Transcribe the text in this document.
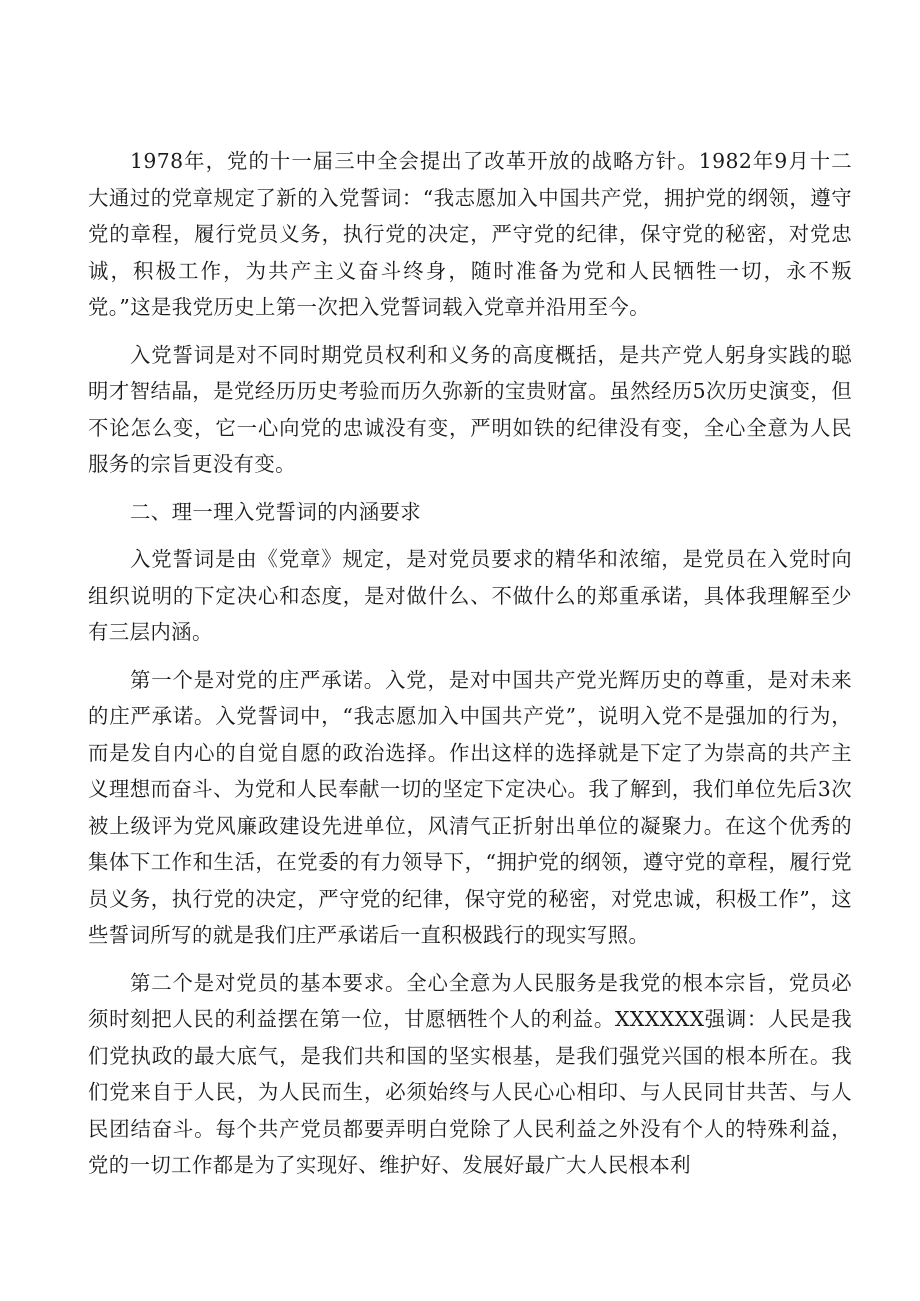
1978年，党的十一届三中全会提出了改革开放的战略方针。1982年9月十二大通过的党章规定了新的入党誓词：“我志愿加入中国共产党，拥护党的纲领，遵守党的章程，履行党员义务，执行党的决定，严守党的纪律，保守党的秘密，对党忠诚，积极工作，为共产主义奋斗终身，随时准备为党和人民牺牲一切，永不叛党。”这是我党历史上第一次把入党誓词载入党章并沿用至今。

入党誓词是对不同时期党员权利和义务的高度概括，是共产党人躬身实践的聪明才智结晶，是党经历历史考验而历久弥新的宝贵财富。虽然经历5次历史演变，但不论怎么变，它一心向党的忠诚没有变，严明如铁的纪律没有变，全心全意为人民服务的宗旨更没有变。

二、理一理入党誓词的内涵要求

入党誓词是由《党章》规定，是对党员要求的精华和浓缩，是党员在入党时向组织说明的下定决心和态度，是对做什么、不做什么的郑重承诺，具体我理解至少有三层内涵。

第一个是对党的庄严承诺。入党，是对中国共产党光辉历史的尊重，是对未来的庄严承诺。入党誓词中，“我志愿加入中国共产党”，说明入党不是强加的行为，而是发自内心的自觉自愿的政治选择。作出这样的选择就是下定了为崇高的共产主义理想而奋斗、为党和人民奉献一切的坚定下定决心。我了解到，我们单位先后3次被上级评为党风廉政建设先进单位，风清气正折射出单位的凝聚力。在这个优秀的集体下工作和生活，在党委的有力领导下，“拥护党的纲领，遵守党的章程，履行党员义务，执行党的决定，严守党的纪律，保守党的秘密，对党忠诚，积极工作”，这些誓词所写的就是我们庄严承诺后一直积极践行的现实写照。

第二个是对党员的基本要求。全心全意为人民服务是我党的根本宗旨，党员必须时刻把人民的利益摆在第一位，甘愿牺牲个人的利益。XXXXXX强调：人民是我们党执政的最大底气，是我们共和国的坚实根基，是我们强党兴国的根本所在。我们党来自于人民，为人民而生，必须始终与人民心心相印、与人民同甘共苦、与人民团结奋斗。每个共产党员都要弄明白党除了人民利益之外没有个人的特殊利益，党的一切工作都是为了实现好、维护好、发展好最广大人民根本利
